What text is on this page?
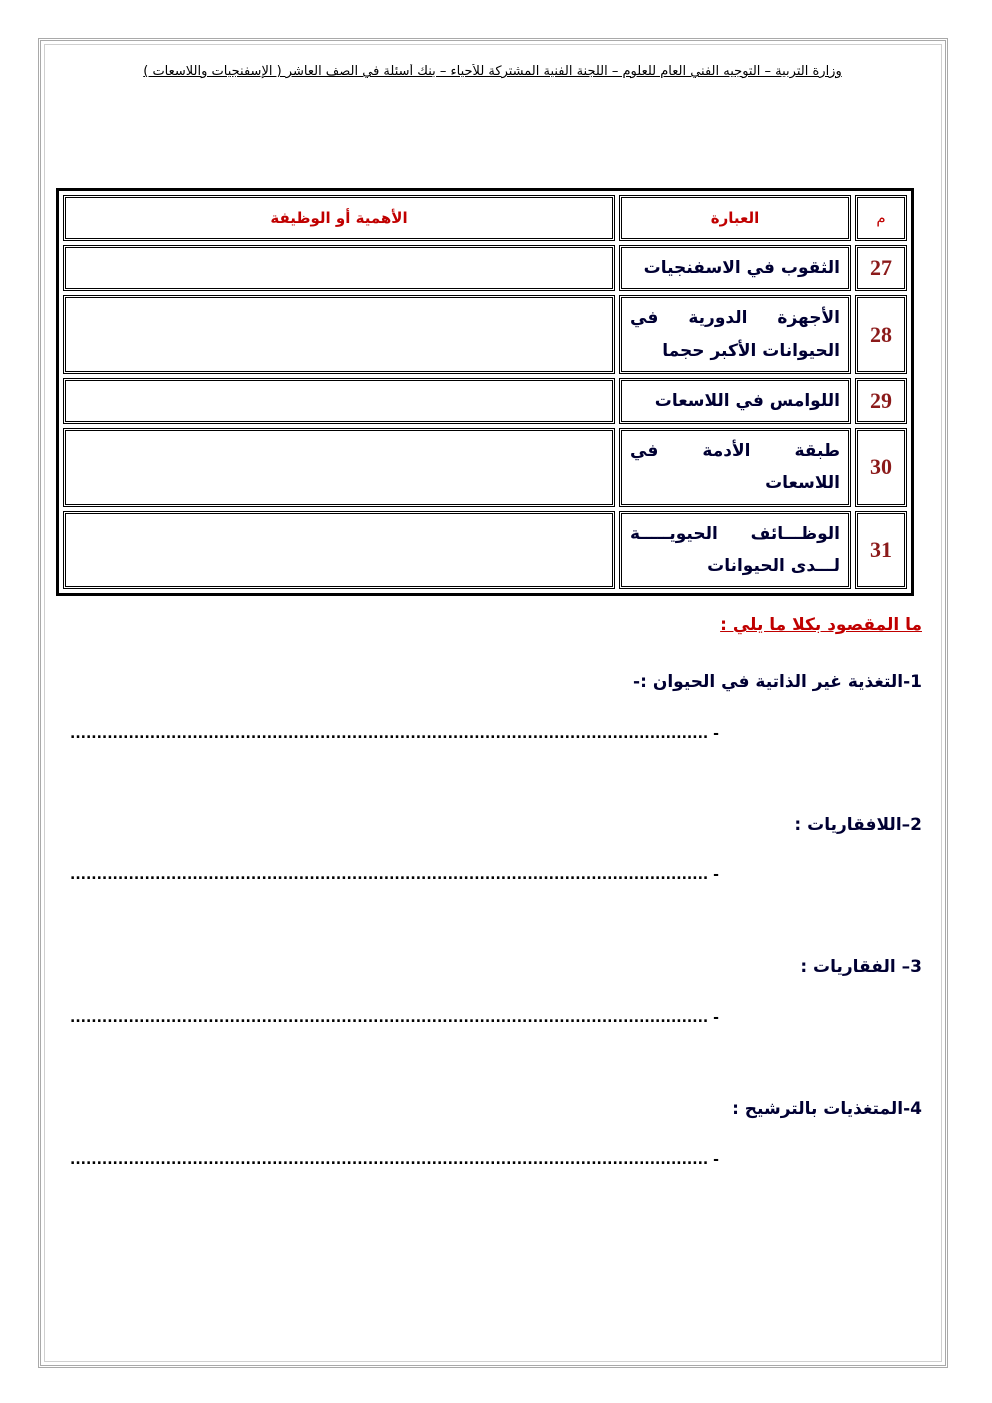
وزارة التربية – التوجيه الفني العام للعلوم – اللجنة الفنية المشتركة للأحياء – بنك أسئلة في الصف العاشر ( الإسفنجيات واللاسعات )
م	العبارة	الأهمية أو الوظيفة
27	الثقوب في الاسفنجيات	
28	الأجهزة الدورية في الحيوانات الأكبر حجما	
29	اللوامس في اللاسعات	
30	طبقة الأدمة في اللاسعات	
31	الوظـــائف الحيويـــــة لـــدى الحيوانات	
ما المقصود بكلا ما يلي :
1-التغذية غير الذاتية في الحيوان :-
........................................................................................................................ -
2–اللافقاريات :
........................................................................................................................ -
3– الفقاريات :
........................................................................................................................ -
4-المتغذيات بالترشيح :
........................................................................................................................ -
